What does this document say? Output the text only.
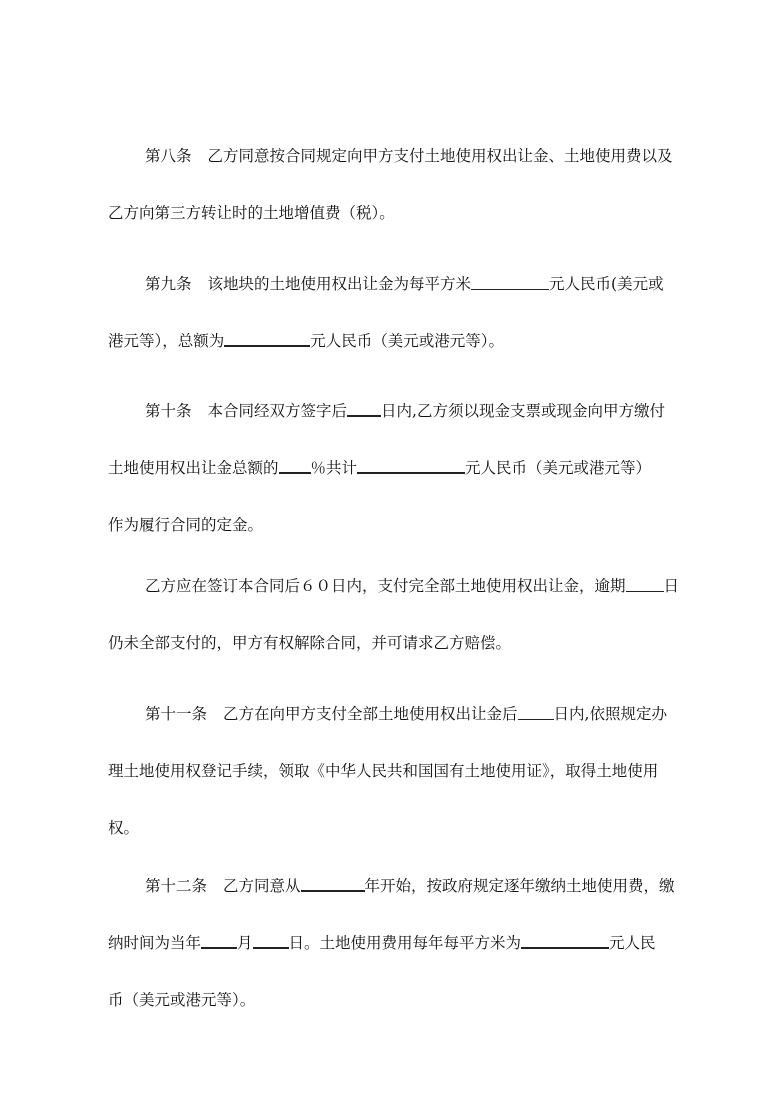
第八条 乙方同意按合同规定向甲方支付土地使用权出让金、土地使用费以及
乙方向第三方转让时的土地增值费（税）。
第九条 该地块的土地使用权出让金为每平方米	元人民币(美元或
港元等），总额为	元人民币（美元或港元等）。
第十条 本合同经双方签字后 日内,乙方须以现金支票或现金向甲方缴付
土地使用权出让金总额的 ％共计	元人民币（美元或港元等）
作为履行合同的定金。
乙方应在签订本合同后６０日内，支付完全部土地使用权出让金，逾期 日
仍未全部支付的，甲方有权解除合同，并可请求乙方赔偿。
第十一条 乙方在向甲方支付全部土地使用权出让金后 日内,依照规定办
理土地使用权登记手续，领取《中华人民共和国国有土地使用证》，取得土地使用
权。
第十二条 乙方同意从	年开始，按政府规定逐年缴纳土地使用费，缴
纳时间为当年 月 日。土地使用费用每年每平方米为	元人民
币（美元或港元等）。
